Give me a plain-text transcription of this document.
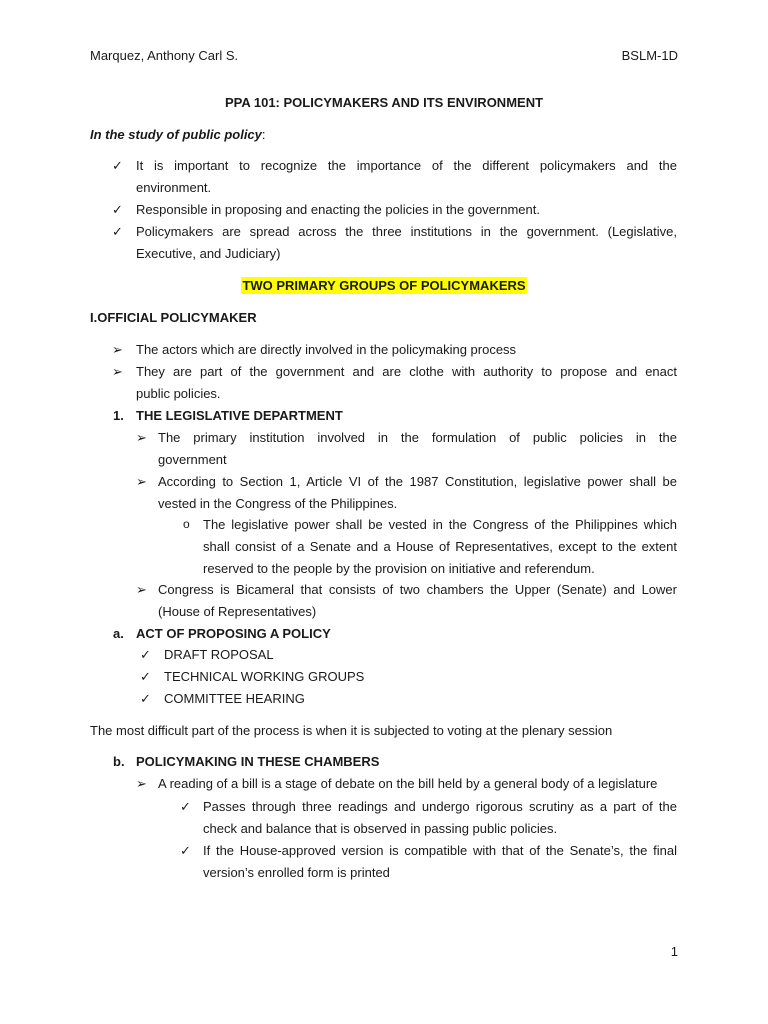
Marquez, Anthony Carl S.	BSLM-1D
PPA 101: POLICYMAKERS AND ITS ENVIRONMENT
In the study of public policy:
✓ It is important to recognize the importance of the different policymakers and the
environment.
✓ Responsible in proposing and enacting the policies in the government.
✓ Policymakers are spread across the three institutions in the government. (Legislative,
Executive, and Judiciary)
TWO PRIMARY GROUPS OF POLICYMAKERS
I.OFFICIAL POLICYMAKER
➢ The actors which are directly involved in the policymaking process
➢ They are part of the government and are clothe with authority to propose and enact
public policies.
1. THE LEGISLATIVE DEPARTMENT
➢ The primary institution involved in the formulation of public policies in the
government
➢ According to Section 1, Article VI of the 1987 Constitution, legislative power shall be
vested in the Congress of the Philippines.
o The legislative power shall be vested in the Congress of the Philippines which
shall consist of a Senate and a House of Representatives, except to the extent
reserved to the people by the provision on initiative and referendum.
➢ Congress is Bicameral that consists of two chambers the Upper (Senate) and Lower
(House of Representatives)
a. ACT OF PROPOSING A POLICY
✓ DRAFT ROPOSAL
✓ TECHNICAL WORKING GROUPS
✓ COMMITTEE HEARING
The most difficult part of the process is when it is subjected to voting at the plenary session
b. POLICYMAKING IN THESE CHAMBERS
➢ A reading of a bill is a stage of debate on the bill held by a general body of a legislature
✓ Passes through three readings and undergo rigorous scrutiny as a part of the
check and balance that is observed in passing public policies.
✓ If the House-approved version is compatible with that of the Senate’s, the final
version’s enrolled form is printed
1
